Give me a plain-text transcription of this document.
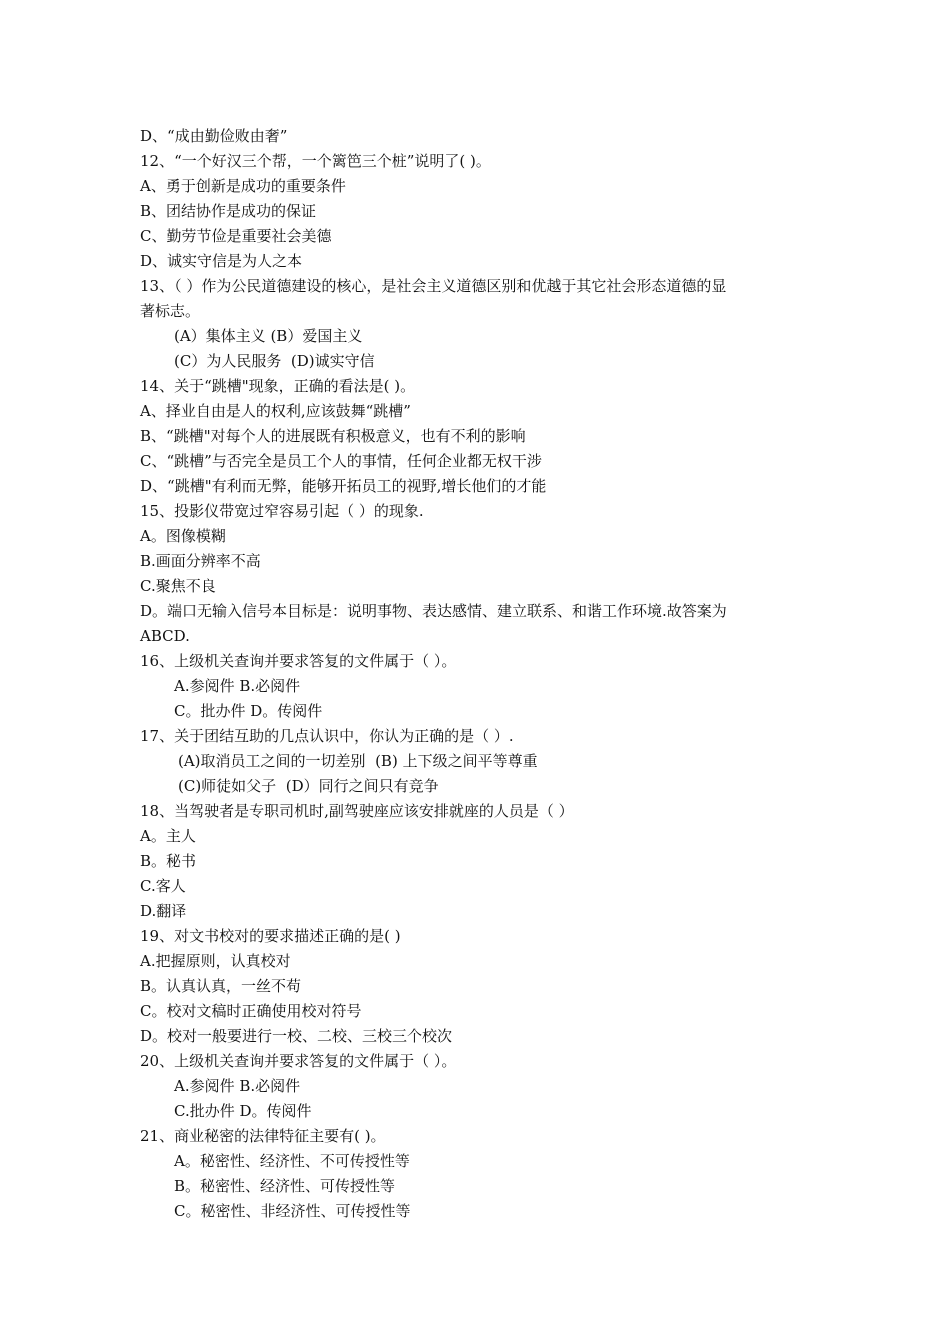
D、“成由勤俭败由奢”
12、“一个好汉三个帮，一个篱笆三个桩”说明了( )。
A、勇于创新是成功的重要条件
B、团结协作是成功的保证
C、勤劳节俭是重要社会美德
D、诚实守信是为人之本
13、（ ）作为公民道德建设的核心，是社会主义道德区别和优越于其它社会形态道德的显
著标志。
(A）集体主义 (B）爱国主义
(C）为人民服务  (D)诚实守信
14、关于“跳槽"现象，正确的看法是( )。
A、择业自由是人的权利,应该鼓舞“跳槽”
B、“跳槽"对每个人的进展既有积极意义，也有不利的影响
C、“跳槽”与否完全是员工个人的事情，任何企业都无权干涉
D、“跳槽"有利而无弊，能够开拓员工的视野,增长他们的才能
15、投影仪带宽过窄容易引起（ ）的现象.
A。图像模糊
B.画面分辨率不高
C.聚焦不良
D。端口无输入信号本目标是：说明事物、表达感情、建立联系、和谐工作环境.故答案为
ABCD.
16、上级机关查询并要求答复的文件属于（ ）。
A.参阅件 B.必阅件
C。批办件 D。传阅件
17、关于团结互助的几点认识中，你认为正确的是（ ）.
(A)取消员工之间的一切差别  (B) 上下级之间平等尊重
(C)师徒如父子  (D）同行之间只有竞争
18、当驾驶者是专职司机时,副驾驶座应该安排就座的人员是（ ）
A。主人
B。秘书
C.客人
D.翻译
19、对文书校对的要求描述正确的是( )
A.把握原则，认真校对
B。认真认真，一丝不苟
C。校对文稿时正确使用校对符号
D。校对一般要进行一校、二校、三校三个校次
20、上级机关查询并要求答复的文件属于（ ）。
A.参阅件 B.必阅件
C.批办件 D。传阅件
21、商业秘密的法律特征主要有( )。
A。秘密性、经济性、不可传授性等
B。秘密性、经济性、可传授性等
C。秘密性、非经济性、可传授性等
